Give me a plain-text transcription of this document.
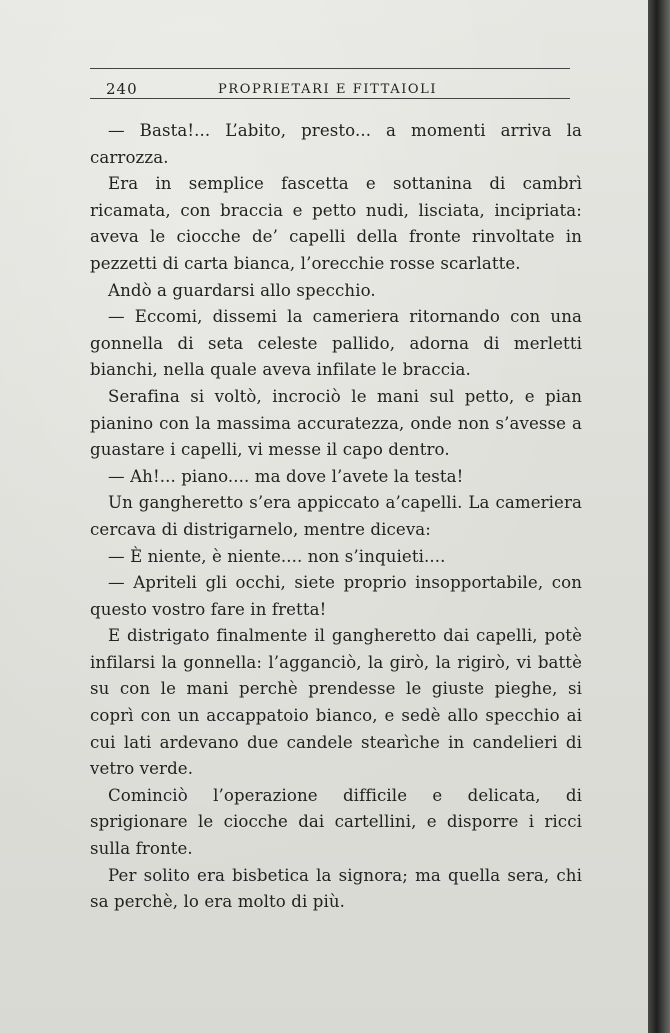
240	PROPRIETARI E FITTAIOLI

— Basta!... L’abito, presto... a momenti arriva la carrozza.

Era in semplice fascetta e sottanina di cambrì ricamata, con braccia e petto nudi, lisciata, incipriata: aveva le ciocche de’ capelli della fronte rinvoltate in pezzetti di carta bianca, l’orecchie rosse scarlatte.

Andò a guardarsi allo specchio.

— Eccomi, dissemi la cameriera ritornando con una gonnella di seta celeste pallido, adorna di merletti bianchi, nella quale aveva infilate le braccia.

Serafina si voltò, incrociò le mani sul petto, e pian pianino con la massima accuratezza, onde non s’avesse a guastare i capelli, vi messe il capo dentro.

— Ah!... piano.... ma dove l’avete la testa!

Un gangheretto s’era appiccato a’capelli. La cameriera cercava di distrigarnelo, mentre diceva:

— È niente, è niente.... non s’inquieti....

— Apriteli gli occhi, siete proprio insopportabile, con questo vostro fare in fretta!

E distrigato finalmente il gangheretto dai capelli, potè infilarsi la gonnella: l’agganciò, la girò, la rigirò, vi battè su con le mani perchè prendesse le giuste pieghe, si coprì con un accappatoio bianco, e sedè allo specchio ai cui lati ardevano due candele stearìche in candelieri di vetro verde.

Cominciò l’operazione difficile e delicata, di sprigionare le ciocche dai cartellini, e disporre i ricci sulla fronte.

Per solito era bisbetica la signora; ma quella sera, chi sa perchè, lo era molto di più.
